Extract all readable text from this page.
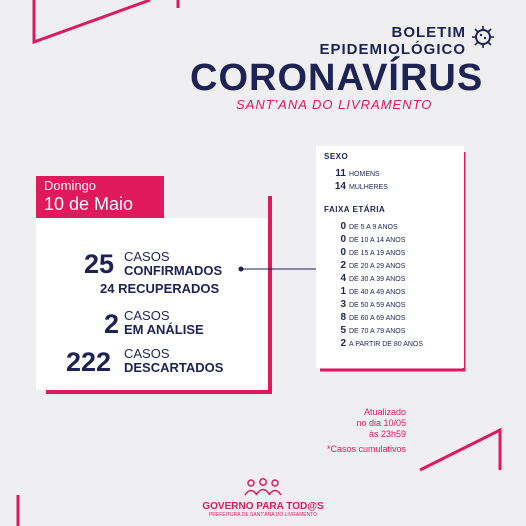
BOLETIM
EPIDEMIOLÓGICO
CORONAVÍRUS
SANT'ANA DO LIVRAMENTO
Domingo
10 de Maio
25 CASOS
CONFIRMADOS
24 RECUPERADOS
2 CASOS
EM ANÁLISE
222 CASOS
DESCARTADOS
SEXO
11 HOMENS
14 MULHERES
FAIXA ETÁRIA
0 DE 5 A 9 ANOS
0 DE 10 A 14 ANOS
0 DE 15 A 19 ANOS
2 DE 20 A 29 ANOS
4 DE 30 A 39 ANOS
1 DE 40 A 49 ANOS
3 DE 50 A 59 ANOS
8 DE 60 A 69 ANOS
5 DE 70 A 79 ANOS
2 A PARTIR DE 80 ANOS
Atualizado
no dia 10/05
às 23h59
*Casos cumulativos
GOVERNO PARA TOD@S
PREFEITURA DE SANT'ANA DO LIVRAMENTO
